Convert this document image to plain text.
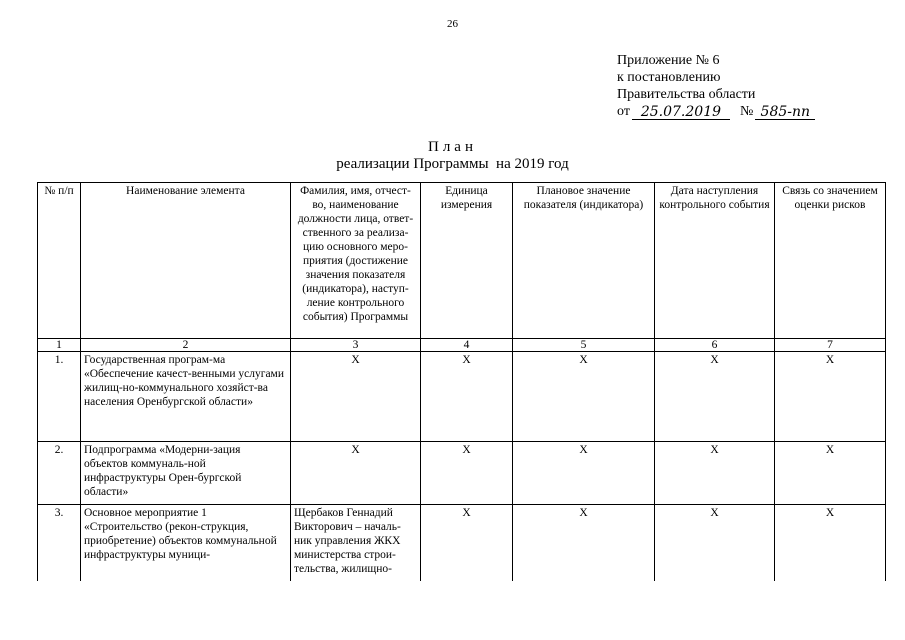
26
Приложение № 6
к постановлению
Правительства области
от 25.07.2019	№ 585-пп
План
реализации Программы  на 2019 год
№ п/п	Наименование элемента	Фамилия, имя, отчест-во, наименование должности лица, ответ-ственного за реализа-цию основного меро-приятия (достижение значения показателя (индикатора), наступ-ление контрольного события) Программы	Единица измерения	Плановое значение показателя (индикатора)	Дата наступления контрольного события	Связь со значением оценки рисков
1	2	3	4	5	6	7
1.	Государственная програм-ма «Обеспечение качест-венными услугами жилищ-но-коммунального хозяйст-ва населения Оренбургской области»	Х	Х	Х	Х	Х
2.	Подпрограмма «Модерни-зация объектов коммуналь-ной инфраструктуры Орен-бургской области»	Х	Х	Х	Х	Х
3.	Основное мероприятие 1 «Строительство (рекон-струкция, приобретение) объектов коммунальной инфраструктуры муници-	Щербаков Геннадий Викторович – началь-ник управления ЖКХ министерства строи-тельства, жилищно-	Х	Х	Х	Х
